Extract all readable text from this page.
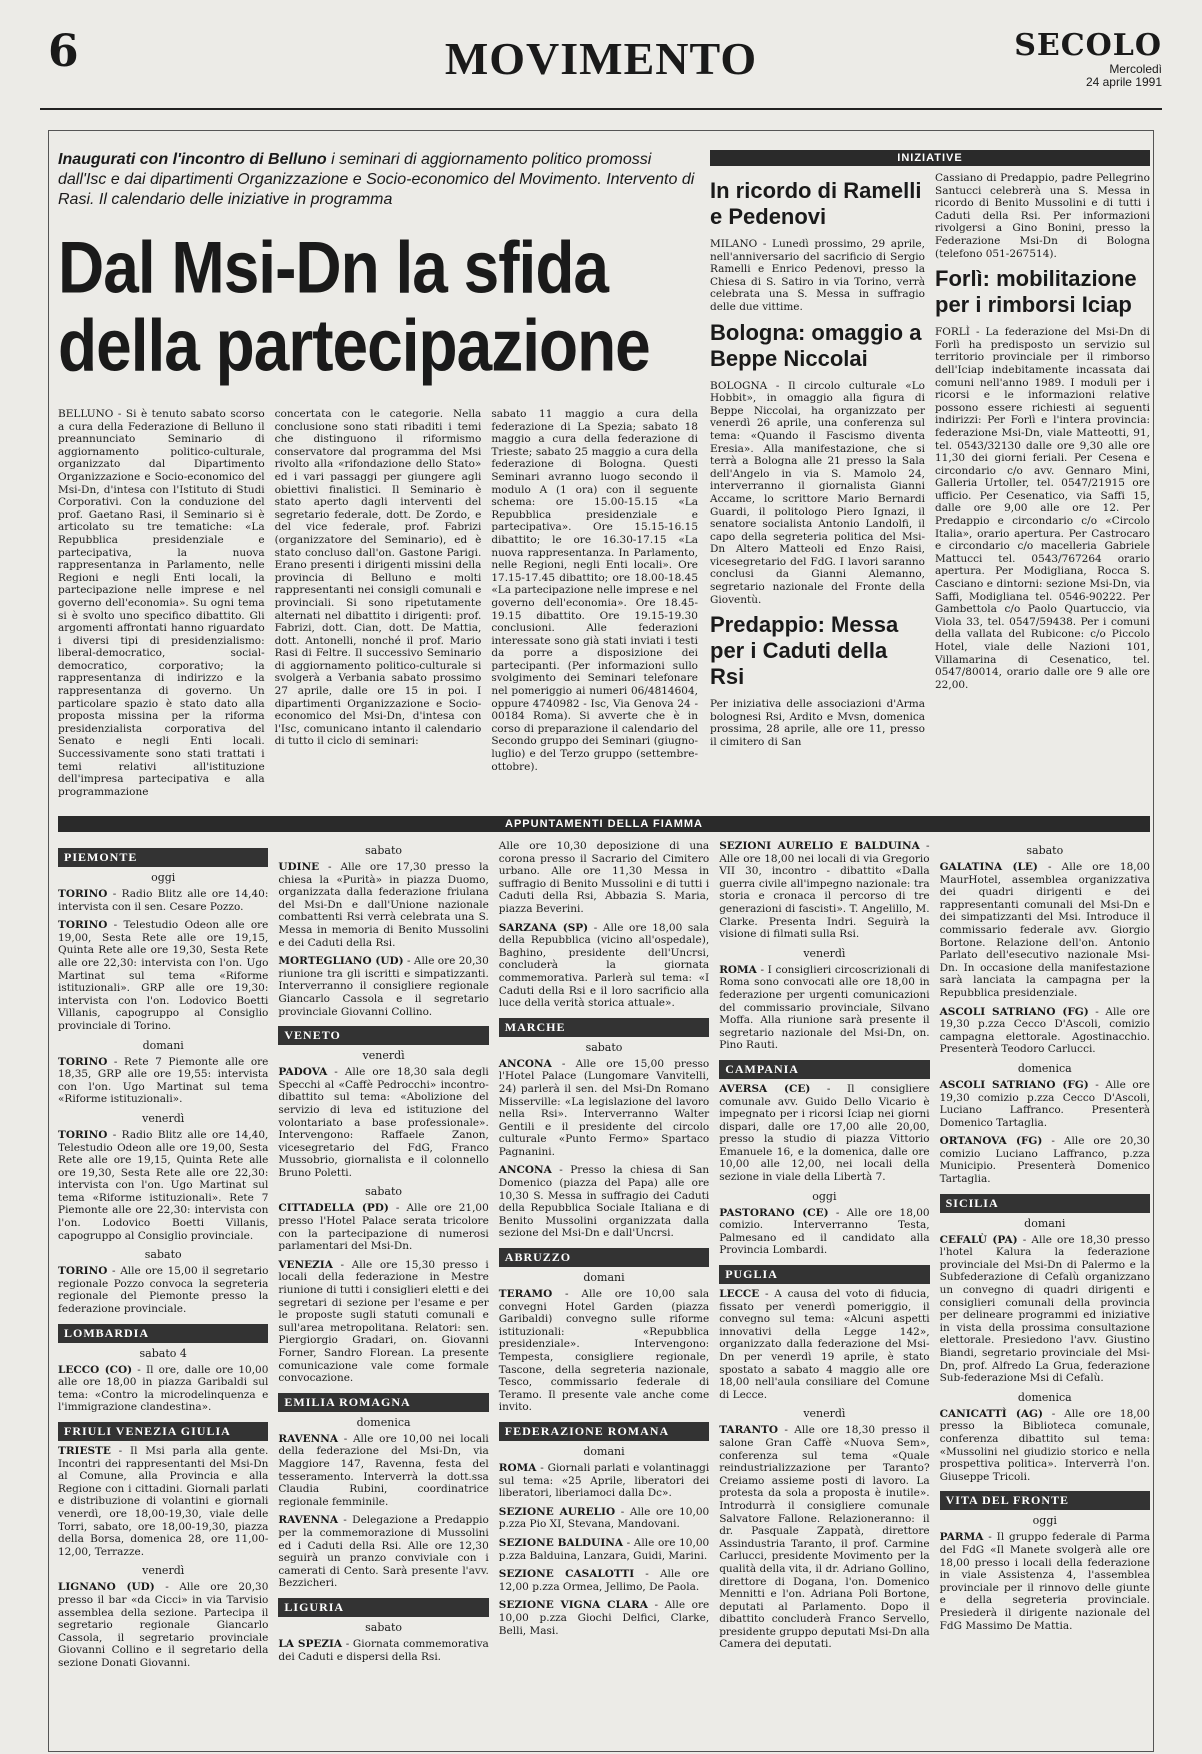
6	MOVIMENTO	SECOLO
Mercoledì
24 aprile 1991

Inaugurati con l'incontro di Belluno i seminari di aggiornamento politico promossi dall'Isc e dai dipartimenti Organizzazione e Socio-economico del Movimento. Intervento di Rasi. Il calendario delle iniziative in programma

Dal Msi-Dn la sfida
della partecipazione
BELLUNO - Si è tenuto sabato scorso a cura della Federazione di Belluno il preannunciato Seminario di aggiornamento politico-culturale, organizzato dal Dipartimento Organizzazione e Socio-economico del Msi-Dn, d'intesa con l'Istituto di Studi Corporativi. Con la conduzione del prof. Gaetano Rasi, il Seminario si è articolato su tre tematiche: «La Repubblica presidenziale e partecipativa, la nuova rappresentanza in Parlamento, nelle Regioni e negli Enti locali, la partecipazione nelle imprese e nel governo dell'economia». Su ogni tema si è svolto uno specifico dibattito. Gli argomenti affrontati hanno riguardato i diversi tipi di presidenzialismo: liberal-democratico, social-democratico, corporativo; la rappresentanza di indirizzo e la rappresentanza di governo. Un particolare spazio è stato dato alla proposta missina per la riforma presidenzialista corporativa del Senato e negli Enti locali. Successivamente sono stati trattati i temi relativi all'istituzione dell'impresa partecipativa e alla programmazione
concertata con le categorie. Nella conclusione sono stati ribaditi i temi che distinguono il riformismo conservatore dal programma del Msi rivolto alla «rifondazione dello Stato» ed i vari passaggi per giungere agli obiettivi finalistici. Il Seminario è stato aperto dagli interventi del segretario federale, dott. De Zordo, e del vice federale, prof. Fabrizi (organizzatore del Seminario), ed è stato concluso dall'on. Gastone Parigi. Erano presenti i dirigenti missini della provincia di Belluno e molti rappresentanti nei consigli comunali e provinciali. Si sono ripetutamente alternati nel dibattito i dirigenti: prof. Fabrizi, dott. Cian, dott. De Mattia, dott. Antonelli, nonché il prof. Mario Rasi di Feltre. Il successivo Seminario di aggiornamento politico-culturale si svolgerà a Verbania sabato prossimo 27 aprile, dalle ore 15 in poi. I dipartimenti Organizzazione e Socio-economico del Msi-Dn, d'intesa con l'Isc, comunicano intanto il calendario di tutto il ciclo di seminari:
sabato 11 maggio a cura della federazione di La Spezia; sabato 18 maggio a cura della federazione di Trieste; sabato 25 maggio a cura della federazione di Bologna. Questi Seminari avranno luogo secondo il modulo A (1 ora) con il seguente schema: ore 15.00-15.15 «La Repubblica presidenziale e partecipativa». Ore 15.15-16.15 dibattito; le ore 16.30-17.15 «La nuova rappresentanza. In Parlamento, nelle Regioni, negli Enti locali». Ore 17.15-17.45 dibattito; ore 18.00-18.45 «La partecipazione nelle imprese e nel governo dell'economia». Ore 18.45-19.15 dibattito. Ore 19.15-19.30 conclusioni. Alle federazioni interessate sono già stati inviati i testi da porre a disposizione dei partecipanti. (Per informazioni sullo svolgimento dei Seminari telefonare nel pomeriggio ai numeri 06/4814604, oppure 4740982 - Isc, Via Genova 24 - 00184 Roma). Si avverte che è in corso di preparazione il calendario del Secondo gruppo dei Seminari (giugno-luglio) e del Terzo gruppo (settembre-ottobre).
INIZIATIVE
In ricordo di Ramelli e Pedenovi
MILANO - Lunedì prossimo, 29 aprile, nell'anniversario del sacrificio di Sergio Ramelli e Enrico Pedenovi, presso la Chiesa di S. Satiro in via Torino, verrà celebrata una S. Messa in suffragio delle due vittime.
Bologna: omaggio a Beppe Niccolai
BOLOGNA - Il circolo culturale «Lo Hobbit», in omaggio alla figura di Beppe Niccolai, ha organizzato per venerdì 26 aprile, una conferenza sul tema: «Quando il Fascismo diventa Eresia». Alla manifestazione, che si terrà a Bologna alle 21 presso la Sala dell'Angelo in via S. Mamolo 24, interverranno il giornalista Gianni Accame, lo scrittore Mario Bernardi Guardi, il politologo Piero Ignazi, il senatore socialista Antonio Landolfi, il capo della segreteria politica del Msi-Dn Altero Matteoli ed Enzo Raisi, vicesegretario del FdG. I lavori saranno conclusi da Gianni Alemanno, segretario nazionale del Fronte della Gioventù.
Predappio: Messa per i Caduti della Rsi
Per iniziativa delle associazioni d'Arma bolognesi Rsi, Ardito e Mvsn, domenica prossima, 28 aprile, alle ore 11, presso il cimitero di San
Cassiano di Predappio, padre Pellegrino Santucci celebrerà una S. Messa in ricordo di Benito Mussolini e di tutti i Caduti della Rsi. Per informazioni rivolgersi a Gino Bonini, presso la Federazione Msi-Dn di Bologna (telefono 051-267514).
Forlì: mobilitazione per i rimborsi Iciap
FORLÌ - La federazione del Msi-Dn di Forlì ha predisposto un servizio sul territorio provinciale per il rimborso dell'Iciap indebitamente incassata dai comuni nell'anno 1989. I moduli per i ricorsi e le informazioni relative possono essere richiesti ai seguenti indirizzi: Per Forlì e l'intera provincia: federazione Msi-Dn, viale Matteotti, 91, tel. 0543/32130 dalle ore 9,30 alle ore 11,30 dei giorni feriali. Per Cesena e circondario c/o avv. Gennaro Mini, Galleria Urtoller, tel. 0547/21915 ore ufficio. Per Cesenatico, via Saffi 15, dalle ore 9,00 alle ore 12. Per Predappio e circondario c/o «Circolo Italia», orario apertura. Per Castrocaro e circondario c/o macelleria Gabriele Mattucci tel. 0543/767264 orario apertura. Per Modigliana, Rocca S. Casciano e dintorni: sezione Msi-Dn, via Saffi, Modigliana tel. 0546-90222. Per Gambettola c/o Paolo Quartuccio, via Viola 33, tel. 0547/59438. Per i comuni della vallata del Rubicone: c/o Piccolo Hotel, viale delle Nazioni 101, Villamarina di Cesenatico, tel. 0547/80014, orario dalle ore 9 alle ore 22,00.
APPUNTAMENTI DELLA FIAMMA
PIEMONTE
oggi
TORINO - Radio Blitz alle ore 14,40: intervista con il sen. Cesare Pozzo.
TORINO - Telestudio Odeon alle ore 19,00, Sesta Rete alle ore 19,15, Quinta Rete alle ore 19,30, Sesta Rete alle ore 22,30: intervista con l'on. Ugo Martinat sul tema «Riforme istituzionali». GRP alle ore 19,30: intervista con l'on. Lodovico Boetti Villanis, capogruppo al Consiglio provinciale di Torino.
domani
TORINO - Rete 7 Piemonte alle ore 18,35, GRP alle ore 19,55: intervista con l'on. Ugo Martinat sul tema «Riforme istituzionali».
venerdì
TORINO - Radio Blitz alle ore 14,40, Telestudio Odeon alle ore 19,00, Sesta Rete alle ore 19,15, Quinta Rete alle ore 19,30, Sesta Rete alle ore 22,30: intervista con l'on. Ugo Martinat sul tema «Riforme istituzionali». Rete 7 Piemonte alle ore 22,30: intervista con l'on. Lodovico Boetti Villanis, capogruppo al Consiglio provinciale.
sabato
TORINO - Alle ore 15,00 il segretario regionale Pozzo convoca la segreteria regionale del Piemonte presso la federazione provinciale.
LOMBARDIA
sabato 4
LECCO (CO) - Il ore, dalle ore 10,00 alle ore 18,00 in piazza Garibaldi sul tema: «Contro la microdelinquenza e l'immigrazione clandestina».
FRIULI VENEZIA GIULIA
TRIESTE - Il Msi parla alla gente. Incontri dei rappresentanti del Msi-Dn al Comune, alla Provincia e alla Regione con i cittadini. Giornali parlati e distribuzione di volantini e giornali venerdì, ore 18,00-19,30, viale delle Torri, sabato, ore 18,00-19,30, piazza della Borsa, domenica 28, ore 11,00-12,00, Terrazze.
venerdì
LIGNANO (UD) - Alle ore 20,30 presso il bar «da Cicci» in via Tarvisio assemblea della sezione. Partecipa il segretario regionale Giancarlo Cassola, il segretario provinciale Giovanni Collino e il segretario della sezione Donati Giovanni.
sabato
UDINE - Alle ore 17,30 presso la chiesa la «Purità» in piazza Duomo, organizzata dalla federazione friulana del Msi-Dn e dall'Unione nazionale combattenti Rsi verrà celebrata una S. Messa in memoria di Benito Mussolini e dei Caduti della Rsi.
MORTEGLIANO (UD) - Alle ore 20,30 riunione tra gli iscritti e simpatizzanti. Interverranno il consigliere regionale Giancarlo Cassola e il segretario provinciale Giovanni Collino.
VENETO
venerdì
PADOVA - Alle ore 18,30 sala degli Specchi al «Caffè Pedrocchi» incontro-dibattito sul tema: «Abolizione del servizio di leva ed istituzione del volontariato a base professionale». Intervengono: Raffaele Zanon, vicesegretario del FdG, Franco Mussobrio, giornalista e il colonnello Bruno Poletti.
sabato
CITTADELLA (PD) - Alle ore 21,00 presso l'Hotel Palace serata tricolore con la partecipazione di numerosi parlamentari del Msi-Dn.
VENEZIA - Alle ore 15,30 presso i locali della federazione in Mestre riunione di tutti i consiglieri eletti e dei segretari di sezione per l'esame e per le proposte sugli statuti comunali e sull'area metropolitana. Relatori: sen. Piergiorgio Gradari, on. Giovanni Forner, Sandro Florean. La presente comunicazione vale come formale convocazione.
EMILIA ROMAGNA
domenica
RAVENNA - Alle ore 10,00 nei locali della federazione del Msi-Dn, via Maggiore 147, Ravenna, festa del tesseramento. Interverrà la dott.ssa Claudia Rubini, coordinatrice regionale femminile.
RAVENNA - Delegazione a Predappio per la commemorazione di Mussolini ed i Caduti della Rsi. Alle ore 12,30 seguirà un pranzo conviviale con i camerati di Cento. Sarà presente l'avv. Bezzicheri.
LIGURIA
sabato
LA SPEZIA - Giornata commemorativa dei Caduti e dispersi della Rsi.
Alle ore 10,30 deposizione di una corona presso il Sacrario del Cimitero urbano. Alle ore 11,30 Messa in suffragio di Benito Mussolini e di tutti i Caduti della Rsi, Abbazia S. Maria, piazza Beverini.
SARZANA (SP) - Alle ore 18,00 sala della Repubblica (vicino all'ospedale), Baghino, presidente dell'Uncrsi, concluderà la giornata commemorativa. Parlerà sul tema: «I Caduti della Rsi e il loro sacrificio alla luce della verità storica attuale».
MARCHE
sabato
ANCONA - Alle ore 15,00 presso l'Hotel Palace (Lungomare Vanvitelli, 24) parlerà il sen. del Msi-Dn Romano Misserville: «La legislazione del lavoro nella Rsi». Interverranno Walter Gentili e il presidente del circolo culturale «Punto Fermo» Spartaco Pagnanini.
ANCONA - Presso la chiesa di San Domenico (piazza del Papa) alle ore 10,30 S. Messa in suffragio dei Caduti della Repubblica Sociale Italiana e di Benito Mussolini organizzata dalla sezione del Msi-Dn e dall'Uncrsi.
ABRUZZO
domani
TERAMO - Alle ore 10,00 sala convegni Hotel Garden (piazza Garibaldi) convegno sulle riforme istituzionali: «Repubblica presidenziale». Intervengono: Tempesta, consigliere regionale, Tascone, della segreteria nazionale, Tesco, commissario federale di Teramo. Il presente vale anche come invito.
FEDERAZIONE ROMANA
domani
ROMA - Giornali parlati e volantinaggi sul tema: «25 Aprile, liberatori dei liberatori, liberiamoci dalla Dc».
SEZIONE AURELIO - Alle ore 10,00 p.zza Pio XI, Stevana, Mandovani.
SEZIONE BALDUINA - Alle ore 10,00 p.zza Balduina, Lanzara, Guidi, Marini.
SEZIONE CASALOTTI - Alle ore 12,00 p.zza Ormea, Jellimo, De Paola.
SEZIONE VIGNA CLARA - Alle ore 10,00 p.zza Giochi Delfici, Clarke, Belli, Masi.
SEZIONI AURELIO E BALDUINA - Alle ore 18,00 nei locali di via Gregorio VII 30, incontro - dibattito «Dalla guerra civile all'impegno nazionale: tra storia e cronaca il percorso di tre generazioni di fascisti». T. Angelillo, M. Clarke. Presenta Indri. Seguirà la visione di filmati sulla Rsi.
venerdì
ROMA - I consiglieri circoscrizionali di Roma sono convocati alle ore 18,00 in federazione per urgenti comunicazioni del commissario provinciale, Silvano Moffa. Alla riunione sarà presente il segretario nazionale del Msi-Dn, on. Pino Rauti.
CAMPANIA
AVERSA (CE) - Il consigliere comunale avv. Guido Dello Vicario è impegnato per i ricorsi Iciap nei giorni dispari, dalle ore 17,00 alle 20,00, presso la studio di piazza Vittorio Emanuele 16, e la domenica, dalle ore 10,00 alle 12,00, nei locali della sezione in viale della Libertà 7.
oggi
PASTORANO (CE) - Alle ore 18,00 comizio. Interverranno Testa, Palmesano ed il candidato alla Provincia Lombardi.
PUGLIA
LECCE - A causa del voto di fiducia, fissato per venerdì pomeriggio, il convegno sul tema: «Alcuni aspetti innovativi della Legge 142», organizzato dalla federazione del Msi-Dn per venerdì 19 aprile, è stato spostato a sabato 4 maggio alle ore 18,00 nell'aula consiliare del Comune di Lecce.
venerdì
TARANTO - Alle ore 18,30 presso il salone Gran Caffè «Nuova Sem», conferenza sul tema «Quale reindustrializzazione per Taranto? Creiamo assieme posti di lavoro. La protesta da sola a proposta è inutile». Introdurrà il consigliere comunale Salvatore Fallone. Relazioneranno: il dr. Pasquale Zappatà, direttore Assindustria Taranto, il prof. Carmine Carlucci, presidente Movimento per la qualità della vita, il dr. Adriano Gollino, direttore di Dogana, l'on. Domenico Mennitti e l'on. Adriana Poli Bortone, deputati al Parlamento. Dopo il dibattito concluderà Franco Servello, presidente gruppo deputati Msi-Dn alla Camera dei deputati.
sabato
GALATINA (LE) - Alle ore 18,00 MaurHotel, assemblea organizzativa dei quadri dirigenti e dei rappresentanti comunali del Msi-Dn e dei simpatizzanti del Msi. Introduce il commissario federale avv. Giorgio Bortone. Relazione dell'on. Antonio Parlato dell'esecutivo nazionale Msi-Dn. In occasione della manifestazione sarà lanciata la campagna per la Repubblica presidenziale.
ASCOLI SATRIANO (FG) - Alle ore 19,30 p.zza Cecco D'Ascoli, comizio campagna elettorale. Agostinacchio. Presenterà Teodoro Carlucci.
domenica
ASCOLI SATRIANO (FG) - Alle ore 19,30 comizio p.zza Cecco D'Ascoli, Luciano Laffranco. Presenterà Domenico Tartaglia.
ORTANOVA (FG) - Alle ore 20,30 comizio Luciano Laffranco, p.zza Municipio. Presenterà Domenico Tartaglia.
SICILIA
domani
CEFALÙ (PA) - Alle ore 18,30 presso l'hotel Kalura la federazione provinciale del Msi-Dn di Palermo e la Subfederazione di Cefalù organizzano un convegno di quadri dirigenti e consiglieri comunali della provincia per delineare programmi ed iniziative in vista della prossima consultazione elettorale. Presiedono l'avv. Giustino Biandi, segretario provinciale del Msi-Dn, prof. Alfredo La Grua, federazione Sub-federazione Msi di Cefalù.
domenica
CANICATTÌ (AG) - Alle ore 18,00 presso la Biblioteca comunale, conferenza dibattito sul tema: «Mussolini nel giudizio storico e nella prospettiva politica». Interverrà l'on. Giuseppe Tricoli.
VITA DEL FRONTE
oggi
PARMA - Il gruppo federale di Parma del FdG «Il Manete svolgerà alle ore 18,00 presso i locali della federazione in viale Assistenza 4, l'assemblea provinciale per il rinnovo delle giunte e della segreteria provinciale. Presiederà il dirigente nazionale del FdG Massimo De Mattia.
